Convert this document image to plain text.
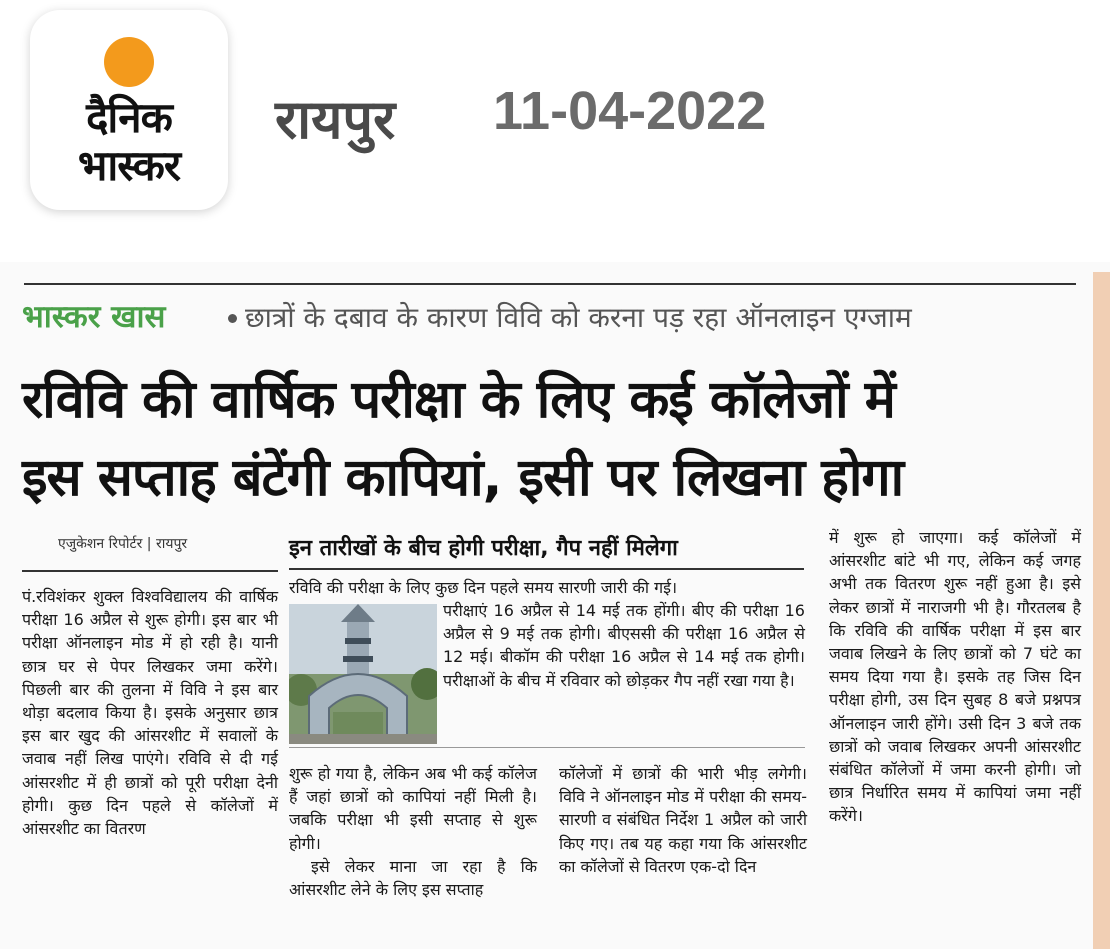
दैनिक
भास्कर
रायपुर 11-04-2022
भास्कर खास	छात्रों के दबाव के कारण विवि को करना पड़ रहा ऑनलाइन एग्जाम
रविवि की वार्षिक परीक्षा के लिए कई कॉलेजों में
इस सप्ताह बंटेंगी कापियां, इसी पर लिखना होगा
एजुकेशन रिपोर्टर | रायपुर	इन तारीखों के बीच होगी परीक्षा, गैप नहीं मिलेगा

पं.रविशंकर शुक्ल विश्वविद्यालय की वार्षिक परीक्षा 16 अप्रैल से शुरू होगी। इस बार भी परीक्षा ऑनलाइन मोड में हो रही है। यानी छात्र घर से पेपर लिखकर जमा करेंगे। पिछली बार की तुलना में विवि ने इस बार थोड़ा बदलाव किया है। इसके अनुसार छात्र इस बार खुद की आंसरशीट में सवालों के जवाब नहीं लिख पाएंगे। रविवि से दी गई आंसरशीट में ही छात्रों को पूरी परीक्षा देनी होगी। कुछ दिन पहले से कॉलेजों में आंसरशीट का वितरण

रविवि की परीक्षा के लिए कुछ दिन पहले समय सारणी जारी की गई।
परीक्षाएं 16 अप्रैल से 14 मई तक होंगी। बीए की परीक्षा 16 अप्रैल से 9 मई तक होगी। बीएससी की परीक्षा 16 अप्रैल से 12 मई। बीकॉम की परीक्षा 16 अप्रैल से 14 मई तक होगी। परीक्षाओं के बीच में रविवार को छोड़कर गैप नहीं रखा गया है।

शुरू हो गया है, लेकिन अब भी कई कॉलेज हैं जहां छात्रों को कापियां नहीं मिली है। जबकि परीक्षा भी इसी सप्ताह से शुरू होगी।

इसे लेकर माना जा रहा है कि आंसरशीट लेने के लिए इस सप्ताह

कॉलेजों में छात्रों की भारी भीड़ लगेगी। विवि ने ऑनलाइन मोड में परीक्षा की समय-सारणी व संबंधित निर्देश 1 अप्रैल को जारी किए गए। तब यह कहा गया कि आंसरशीट का कॉलेजों से वितरण एक-दो दिन

में शुरू हो जाएगा। कई कॉलेजों में आंसरशीट बांटे भी गए, लेकिन कई जगह अभी तक वितरण शुरू नहीं हुआ है। इसे लेकर छात्रों में नाराजगी भी है। गौरतलब है कि रविवि की वार्षिक परीक्षा में इस बार जवाब लिखने के लिए छात्रों को 7 घंटे का समय दिया गया है। इसके तह जिस दिन परीक्षा होगी, उस दिन सुबह 8 बजे प्रश्नपत्र ऑनलाइन जारी होंगे। उसी दिन 3 बजे तक छात्रों को जवाब लिखकर अपनी आंसरशीट संबंधित कॉलेजों में जमा करनी होगी। जो छात्र निर्धारित समय में कापियां जमा नहीं करेंगे।
